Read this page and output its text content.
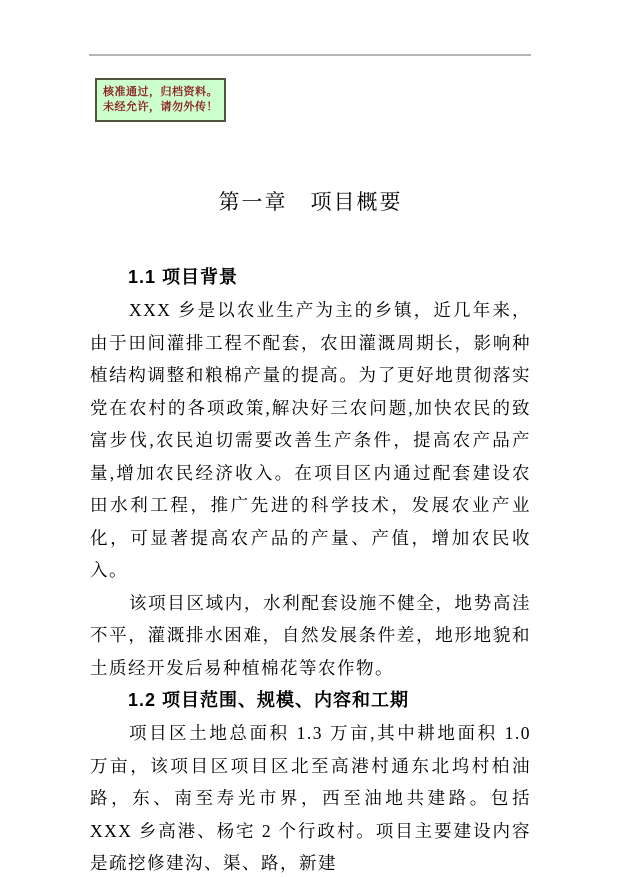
核准通过，归档资料。
未经允许，请勿外传！
第一章　项目概要
1.1 项目背景

XXX 乡是以农业生产为主的乡镇，近几年来，由于田间灌排工程不配套，农田灌溉周期长，影响种植结构调整和粮棉产量的提高。为了更好地贯彻落实党在农村的各项政策,解决好三农问题,加快农民的致富步伐,农民迫切需要改善生产条件，提高农产品产量,增加农民经济收入。在项目区内通过配套建设农田水利工程，推广先进的科学技术，发展农业产业化，可显著提高农产品的产量、产值，增加农民收入。

该项目区域内，水利配套设施不健全，地势高洼不平，灌溉排水困难，自然发展条件差，地形地貌和土质经开发后易种植棉花等农作物。

1.2 项目范围、规模、内容和工期

项目区土地总面积 1.3 万亩,其中耕地面积 1.0 万亩，该项目区项目区北至高港村通东北坞村柏油路，东、南至寿光市界，西至油地共建路。包括 XXX 乡高港、杨宅 2 个行政村。项目主要建设内容是疏挖修建沟、渠、路，新建
